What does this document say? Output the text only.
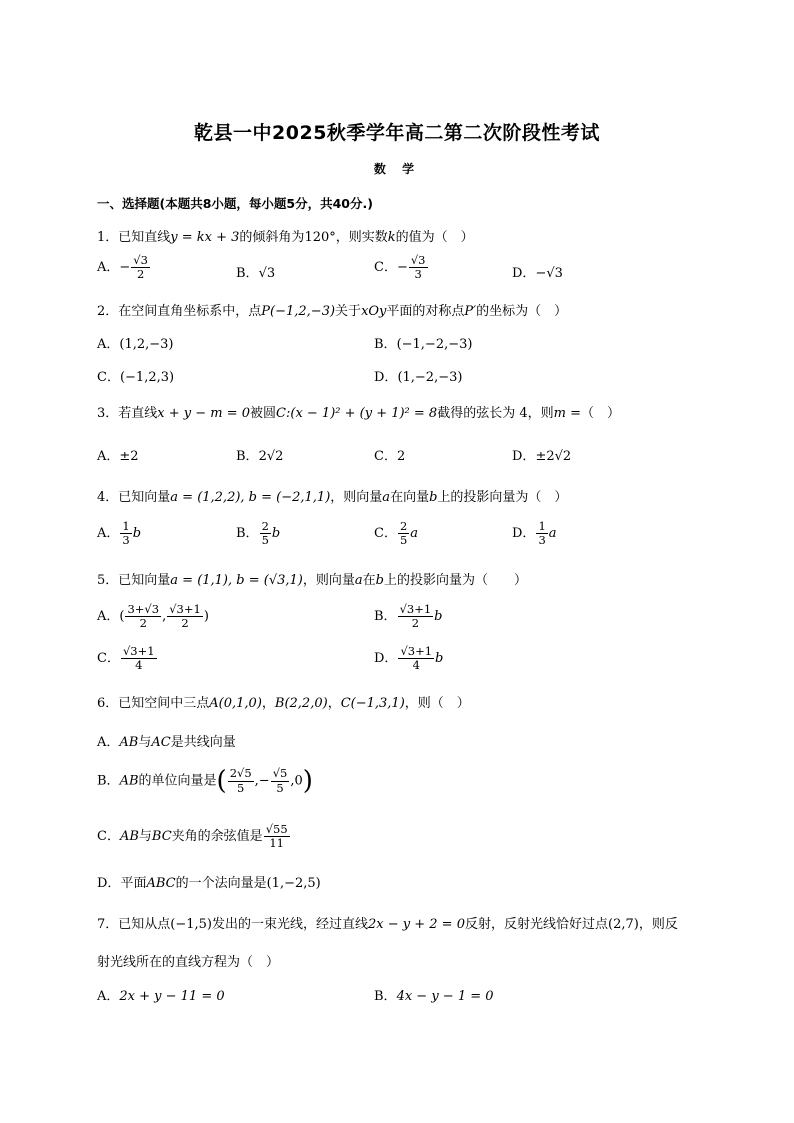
乾县一中2025秋季学年高二第二次阶段性考试
数 学
一、选择题(本题共8小题，每小题5分，共40分.)
1．已知直线y = kx + 3的倾斜角为120°，则实数k的值为（　）
A．− $\frac{√3}{2}$	B．√3	C．− $\frac{√3}{3}$	D．−√3
2．在空间直角坐标系中，点P(−1,2,−3)关于xOy平面的对称点P′的坐标为（　）
A．(1,2,−3)	B．(−1,−2,−3)
C．(−1,2,3)	D．(1,−2,−3)
3．若直线x + y − m = 0被圆C:(x − 1)² + (y + 1)² = 8截得的弦长为 4，则m =（　）
A．±2	B．2√2	C．2	D．±2√2
4．已知向量a = (1,2,2), b = (−2,1,1)，则向量a在向量b上的投影向量为（　）
A． $\frac{1}{3}$ b	B． $\frac{2}{5}$ b	C． $\frac{2}{5}$ a	D． $\frac{1}{3}$ a
5．已知向量a = (1,1), b = (√3,1)，则向量a在b上的投影向量为（　　）
A．( $\frac{3+√3}{2}$ , $\frac{√3+1}{2}$ )	B． $\frac{√3+1}{2}$ b
C． $\frac{√3+1}{4}$	D． $\frac{√3+1}{4}$ b
6．已知空间中三点A(0,1,0)，B(2,2,0)，C(−1,3,1)，则（　）
A．AB与AC是共线向量
B．AB的单位向量是( $\frac{2√5}{5}$ ,− $\frac{√5}{5} ,0$)
C．AB与BC夹角的余弦值是 $\frac{√55}{11}$
D．平面ABC的一个法向量是(1,−2,5)
7．已知从点(−1,5)发出的一束光线，经过直线2x − y + 2 = 0反射，反射光线恰好过点(2,7)，则反
射光线所在的直线方程为（　）
A．2x + y − 11 = 0	B．4x − y − 1 = 0
